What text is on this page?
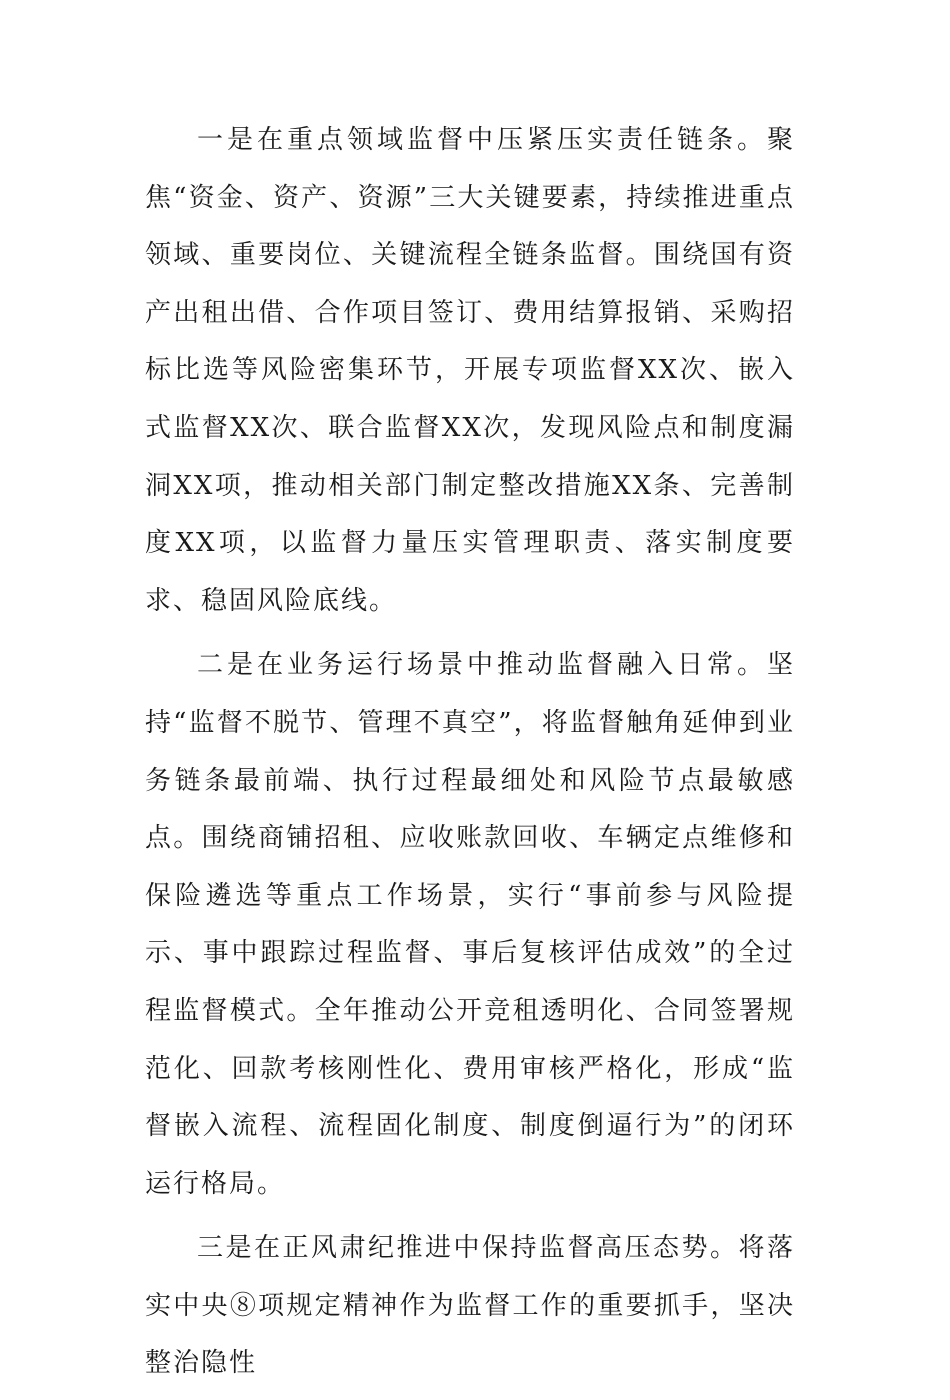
一是在重点领域监督中压紧压实责任链条。聚焦“资金、资产、资源”三大关键要素，持续推进重点领域、重要岗位、关键流程全链条监督。围绕国有资产出租出借、合作项目签订、费用结算报销、采购招标比选等风险密集环节，开展专项监督XX次、嵌入式监督XX次、联合监督XX次，发现风险点和制度漏洞XX项，推动相关部门制定整改措施XX条、完善制度XX项，以监督力量压实管理职责、落实制度要求、稳固风险底线。

二是在业务运行场景中推动监督融入日常。坚持“监督不脱节、管理不真空”，将监督触角延伸到业务链条最前端、执行过程最细处和风险节点最敏感点。围绕商铺招租、应收账款回收、车辆定点维修和保险遴选等重点工作场景，实行“事前参与风险提示、事中跟踪过程监督、事后复核评估成效”的全过程监督模式。全年推动公开竞租透明化、合同签署规范化、回款考核刚性化、费用审核严格化，形成“监督嵌入流程、流程固化制度、制度倒逼行为”的闭环运行格局。

三是在正风肃纪推进中保持监督高压态势。将落实中央⑧项规定精神作为监督工作的重要抓手，坚决整治隐性
